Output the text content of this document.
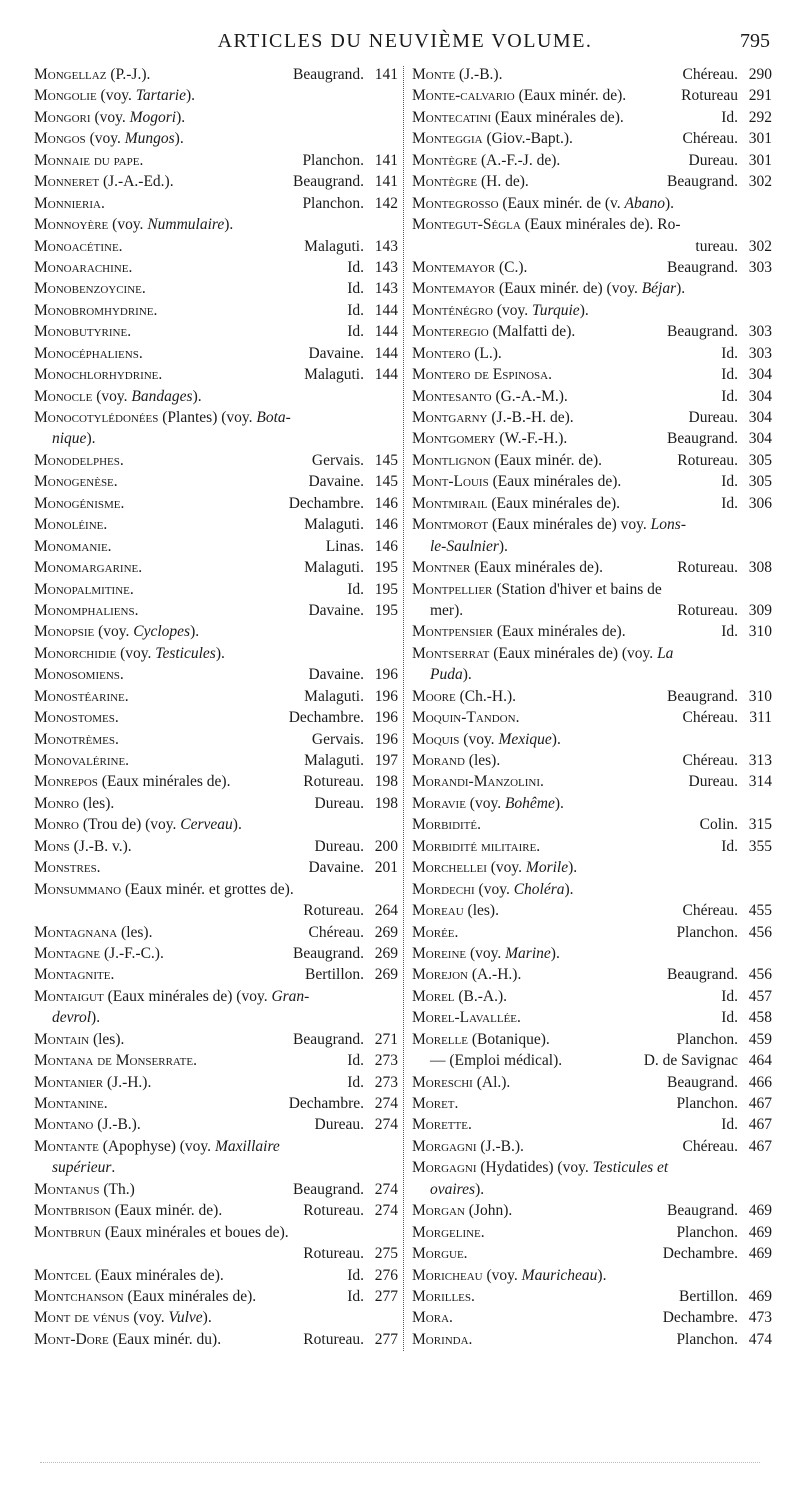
ARTICLES DU NEUVIÈME VOLUME.	795
Mongellaz (P.-J.).	Beaugrand. 141
Mongolie (voy. Tartarie).
Mongori (voy. Mogori).
Mongos (voy. Mungos).
Monnaie du pape.	Planchon. 141
Monneret (J.-A.-Ed.).	Beaugrand. 141
Monnieria.	Planchon. 142
Monnoyère (voy. Nummulaire).
Monoacétine.	Malaguti. 143
Monoarachine.	Id. 143
Monobenzoycine.	Id. 143
Monobromhydrine.	Id. 144
Monobutyrine.	Id. 144
Monocéphaliens.	Davaine. 144
Monochlorhydrine.	Malaguti. 144
Monocle (voy. Bandages).
Monocotylédonées (Plantes) (voy. Bota-
nique).
Monodelphes.	Gervais. 145
Monogenèse.	Davaine. 145
Monogénisme.	Dechambre. 146
Monoléine.	Malaguti. 146
Monomanie.	Linas. 146
Monomargarine.	Malaguti. 195
Monopalmitine.	Id. 195
Monomphaliens.	Davaine. 195
Monopsie (voy. Cyclopes).
Monorchidie (voy. Testicules).
Monosomiens.	Davaine. 196
Monostéarine.	Malaguti. 196
Monostomes.	Dechambre. 196
Monotrèmes.	Gervais. 196
Monovalérine.	Malaguti. 197
Monrepos (Eaux minérales de).	Rotureau. 198
Monro (les).	Dureau. 198
Monro (Trou de) (voy. Cerveau).
Mons (J.-B. v.).	Dureau. 200
Monstres.	Davaine. 201
Monsummano (Eaux minér. et grottes de).
Rotureau. 264
Montagnana (les).	Chéreau. 269
Montagne (J.-F.-C.).	Beaugrand. 269
Montagnite.	Bertillon. 269
Montaigut (Eaux minérales de) (voy. Gran-
devrol).
Montain (les).	Beaugrand. 271
Montana de Monserrate.	Id. 273
Montanier (J.-H.).	Id. 273
Montanine.	Dechambre. 274
Montano (J.-B.).	Dureau. 274
Montante (Apophyse) (voy. Maxillaire
supérieur.
Montanus (Th.)	Beaugrand. 274
Montbrison (Eaux minér. de).	Rotureau. 274
Montbrun (Eaux minérales et boues de).
Rotureau. 275
Montcel (Eaux minérales de).	Id. 276
Montchanson (Eaux minérales de).	Id. 277
Mont de vénus (voy. Vulve).
Mont-Dore (Eaux minér. du).	Rotureau. 277
Monte (J.-B.).	Chéreau. 290
Monte-calvario (Eaux minér. de).	Rotureau 291
Montecatini (Eaux minérales de).	Id. 292
Monteggia (Giov.-Bapt.).	Chéreau. 301
Montègre (A.-F.-J. de).	Dureau. 301
Montègre (H. de).	Beaugrand. 302
Montegrosso (Eaux minér. de (v. Abano).
Montegut-Ségla (Eaux minérales de). Ro-
tureau. 302
Montemayor (C.).	Beaugrand. 303
Montemayor (Eaux minér. de) (voy. Béjar).
Monténégro (voy. Turquie).
Monteregio (Malfatti de).	Beaugrand. 303
Montero (L.).	Id. 303
Montero de Espinosa.	Id. 304
Montesanto (G.-A.-M.).	Id. 304
Montgarny (J.-B.-H. de).	Dureau. 304
Montgomery (W.-F.-H.).	Beaugrand. 304
Montlignon (Eaux minér. de).	Rotureau. 305
Mont-Louis (Eaux minérales de).	Id. 305
Montmirail (Eaux minérales de).	Id. 306
Montmorot (Eaux minérales de) voy. Lons-
le-Saulnier).
Montner (Eaux minérales de).	Rotureau. 308
Montpellier (Station d'hiver et bains de
mer).	Rotureau. 309
Montpensier (Eaux minérales de).	Id. 310
Montserrat (Eaux minérales de) (voy. La
Puda).
Moore (Ch.-H.).	Beaugrand. 310
Moquin-Tandon.	Chéreau. 311
Moquis (voy. Mexique).
Morand (les).	Chéreau. 313
Morandi-Manzolini.	Dureau. 314
Moravie (voy. Bohême).
Morbidité.	Colin. 315
Morbidité militaire.	Id. 355
Morchellei (voy. Morile).
Mordechi (voy. Choléra).
Moreau (les).	Chéreau. 455
Morée.	Planchon. 456
Moreine (voy. Marine).
Morejon (A.-H.).	Beaugrand. 456
Morel (B.-A.).	Id. 457
Morel-Lavallée.	Id. 458
Morelle (Botanique).	Planchon. 459
— (Emploi médical).	D. de Savignac 464
Moreschi (Al.).	Beaugrand. 466
Moret.	Planchon. 467
Morette.	Id. 467
Morgagni (J.-B.).	Chéreau. 467
Morgagni (Hydatides) (voy. Testicules et
ovaires).
Morgan (John).	Beaugrand. 469
Morgeline.	Planchon. 469
Morgue.	Dechambre. 469
Moricheau (voy. Mauricheau).
Morilles.	Bertillon. 469
Mora.	Dechambre. 473
Morinda.	Planchon. 474
